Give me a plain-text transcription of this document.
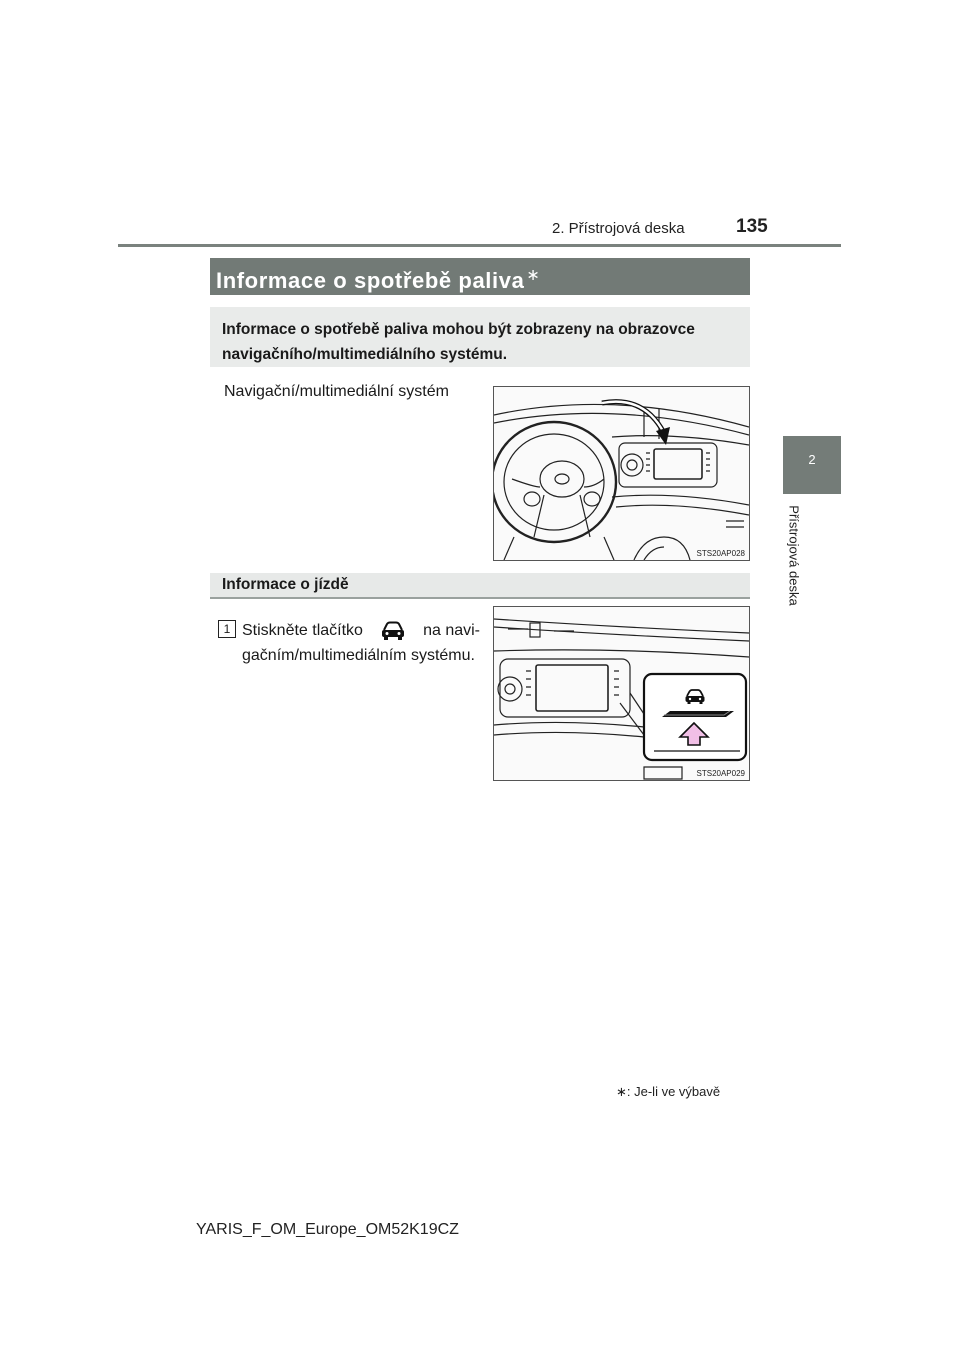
2. Přístrojová deska	135
2
Přístrojová deska
Informace o spotřebě paliva ∗
Informace o spotřebě paliva mohou být zobrazeny na obrazovce navigačního/multimediálního systému.
Navigační/multimediální systém
STS20AP028
Informace o jízdě
1 Stiskněte tlačítko	na navi-
gačním/multimediálním systému.
STS20AP029
∗: Je-li ve výbavě
YARIS_F_OM_Europe_OM52K19CZ
